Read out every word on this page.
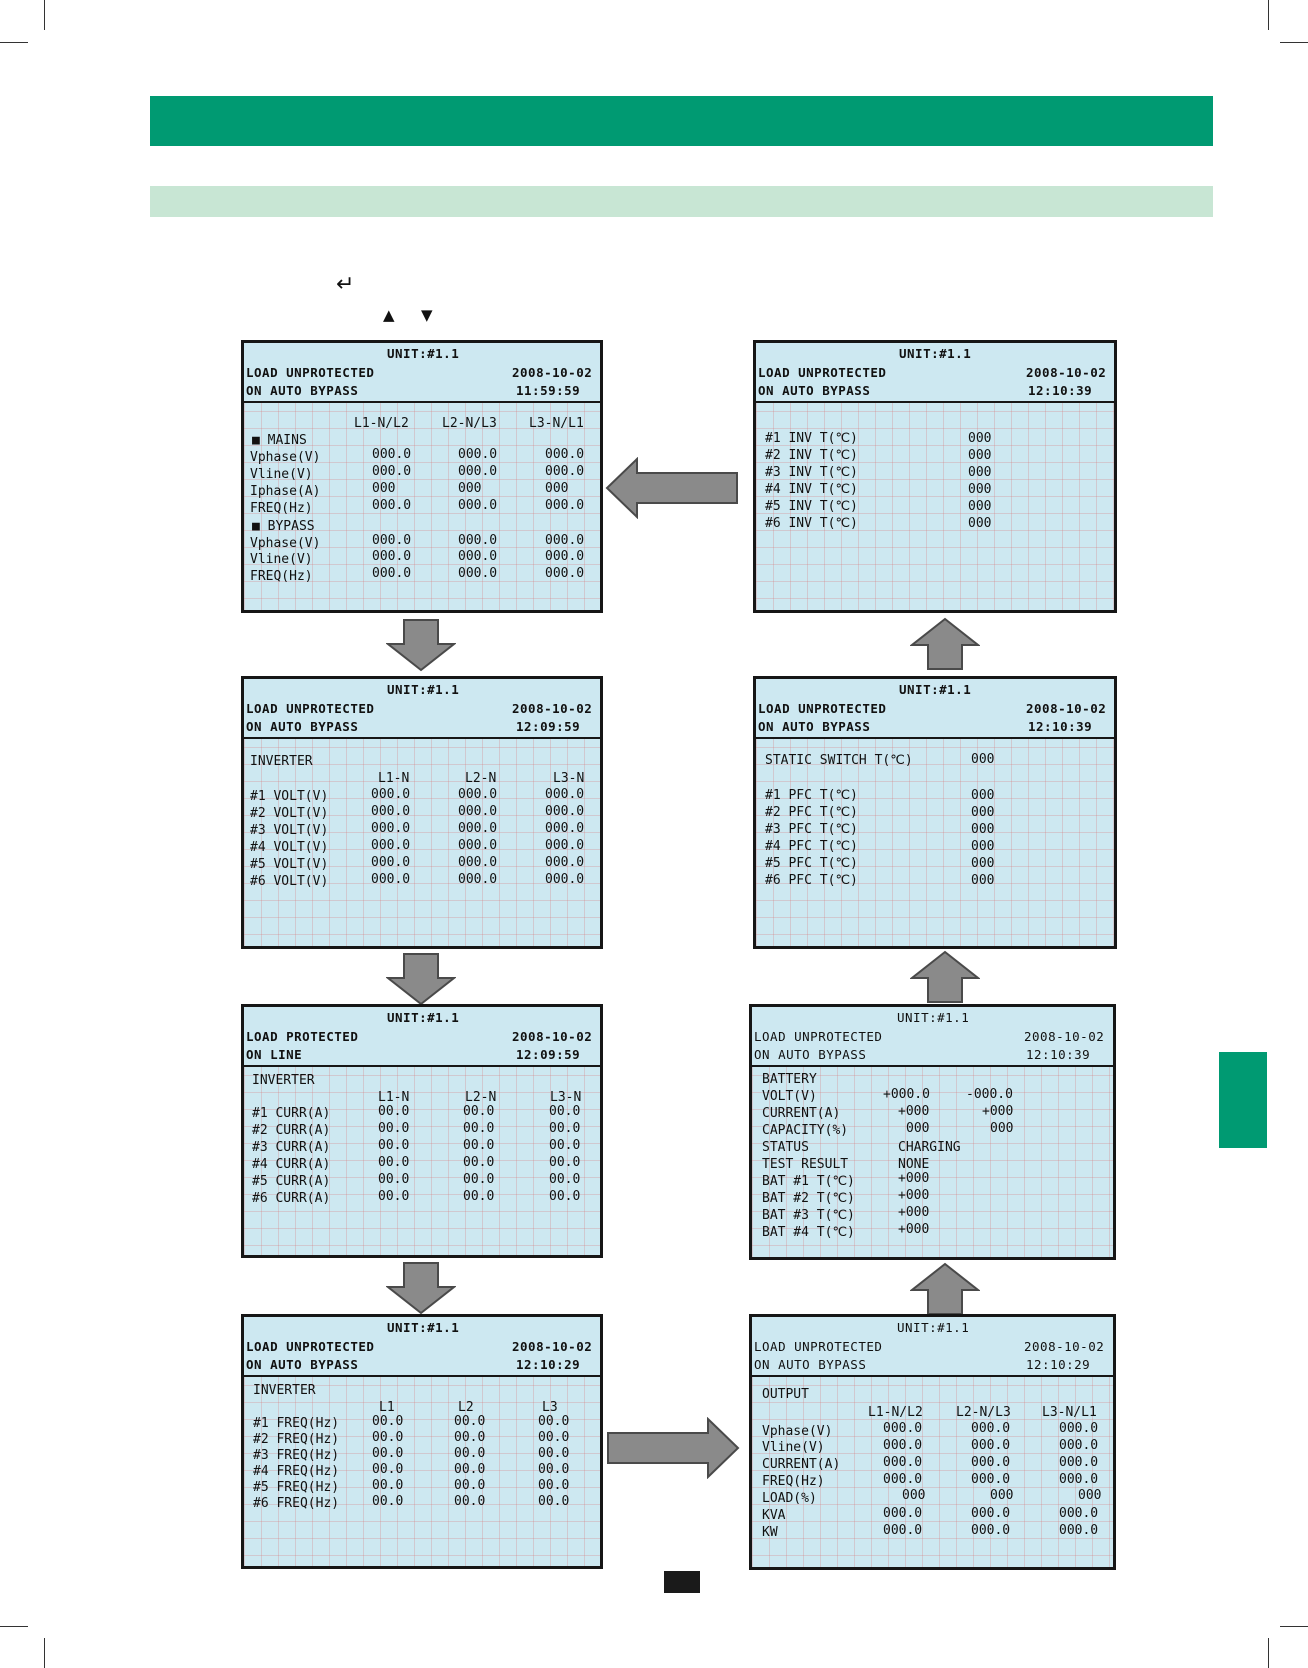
↵
▲ ▼
UNIT:#1.1
LOAD UNPROTECTED	2008-10-02
ON AUTO BYPASS	11:59:59
L1-N/L2	L2-N/L3 L3-N/L1
■ MAINS
Vphase(V)	000.0	000.0	000.0
Vline(V)	000.0	000.0	000.0
Iphase(A)	000	000	000
FREQ(Hz)	000.0	000.0	000.0
■ BYPASS
Vphase(V)	000.0	000.0	000.0
Vline(V)	000.0	000.0	000.0
FREQ(Hz)	000.0	000.0	000.0
UNIT:#1.1
LOAD UNPROTECTED	2008-10-02
ON AUTO BYPASS	12:09:59
INVERTER
L1-N	L2-N	L3-N
#1 VOLT(V)	000.0	000.0	000.0
#2 VOLT(V)	000.0	000.0	000.0
#3 VOLT(V)	000.0	000.0	000.0
#4 VOLT(V)	000.0	000.0	000.0
#5 VOLT(V)	000.0	000.0	000.0
#6 VOLT(V)	000.0	000.0	000.0
UNIT:#1.1
LOAD PROTECTED	2008-10-02
ON LINE	12:09:59
INVERTER
L1-N	L2-N	L3-N
#1 CURR(A)	00.0	00.0	00.0
#2 CURR(A)	00.0	00.0	00.0
#3 CURR(A)	00.0	00.0	00.0
#4 CURR(A)	00.0	00.0	00.0
#5 CURR(A)	00.0	00.0	00.0
#6 CURR(A)	00.0	00.0	00.0
UNIT:#1.1
LOAD UNPROTECTED	2008-10-02
ON AUTO BYPASS	12:10:29
INVERTER
L1	L2	L3
#1 FREQ(Hz)	00.0	00.0	00.0
#2 FREQ(Hz)	00.0	00.0	00.0
#3 FREQ(Hz)	00.0	00.0	00.0
#4 FREQ(Hz)	00.0	00.0	00.0
#5 FREQ(Hz)	00.0	00.0	00.0
#6 FREQ(Hz)	00.0	00.0	00.0
UNIT:#1.1
LOAD UNPROTECTED	2008-10-02
ON AUTO BYPASS	12:10:39
#1 INV T(℃)	000
#2 INV T(℃)	000
#3 INV T(℃)	000
#4 INV T(℃)	000
#5 INV T(℃)	000
#6 INV T(℃)	000
UNIT:#1.1
LOAD UNPROTECTED	2008-10-02
ON AUTO BYPASS	12:10:39
STATIC SWITCH T(℃)	000
#1 PFC T(℃)	000
#2 PFC T(℃)	000
#3 PFC T(℃)	000
#4 PFC T(℃)	000
#5 PFC T(℃)	000
#6 PFC T(℃)	000
UNIT:#1.1
LOAD UNPROTECTED	2008-10-02
ON AUTO BYPASS	12:10:39
BATTERY
VOLT(V)	+000.0	-000.0
CURRENT(A)	+000	+000
CAPACITY(%)	000	000
STATUS	CHARGING
TEST RESULT	NONE
BAT #1 T(℃)	+000
BAT #2 T(℃)	+000
BAT #3 T(℃)	+000
BAT #4 T(℃)	+000
UNIT:#1.1
LOAD UNPROTECTED	2008-10-02
ON AUTO BYPASS	12:10:29
OUTPUT
L1-N/L2	L2-N/L3 L3-N/L1
Vphase(V)	000.0	000.0	000.0
Vline(V)	000.0	000.0	000.0
CURRENT(A)	000.0	000.0	000.0
FREQ(Hz)	000.0	000.0	000.0
LOAD(%)	000	000	000
KVA	000.0	000.0	000.0
KW	000.0	000.0	000.0
